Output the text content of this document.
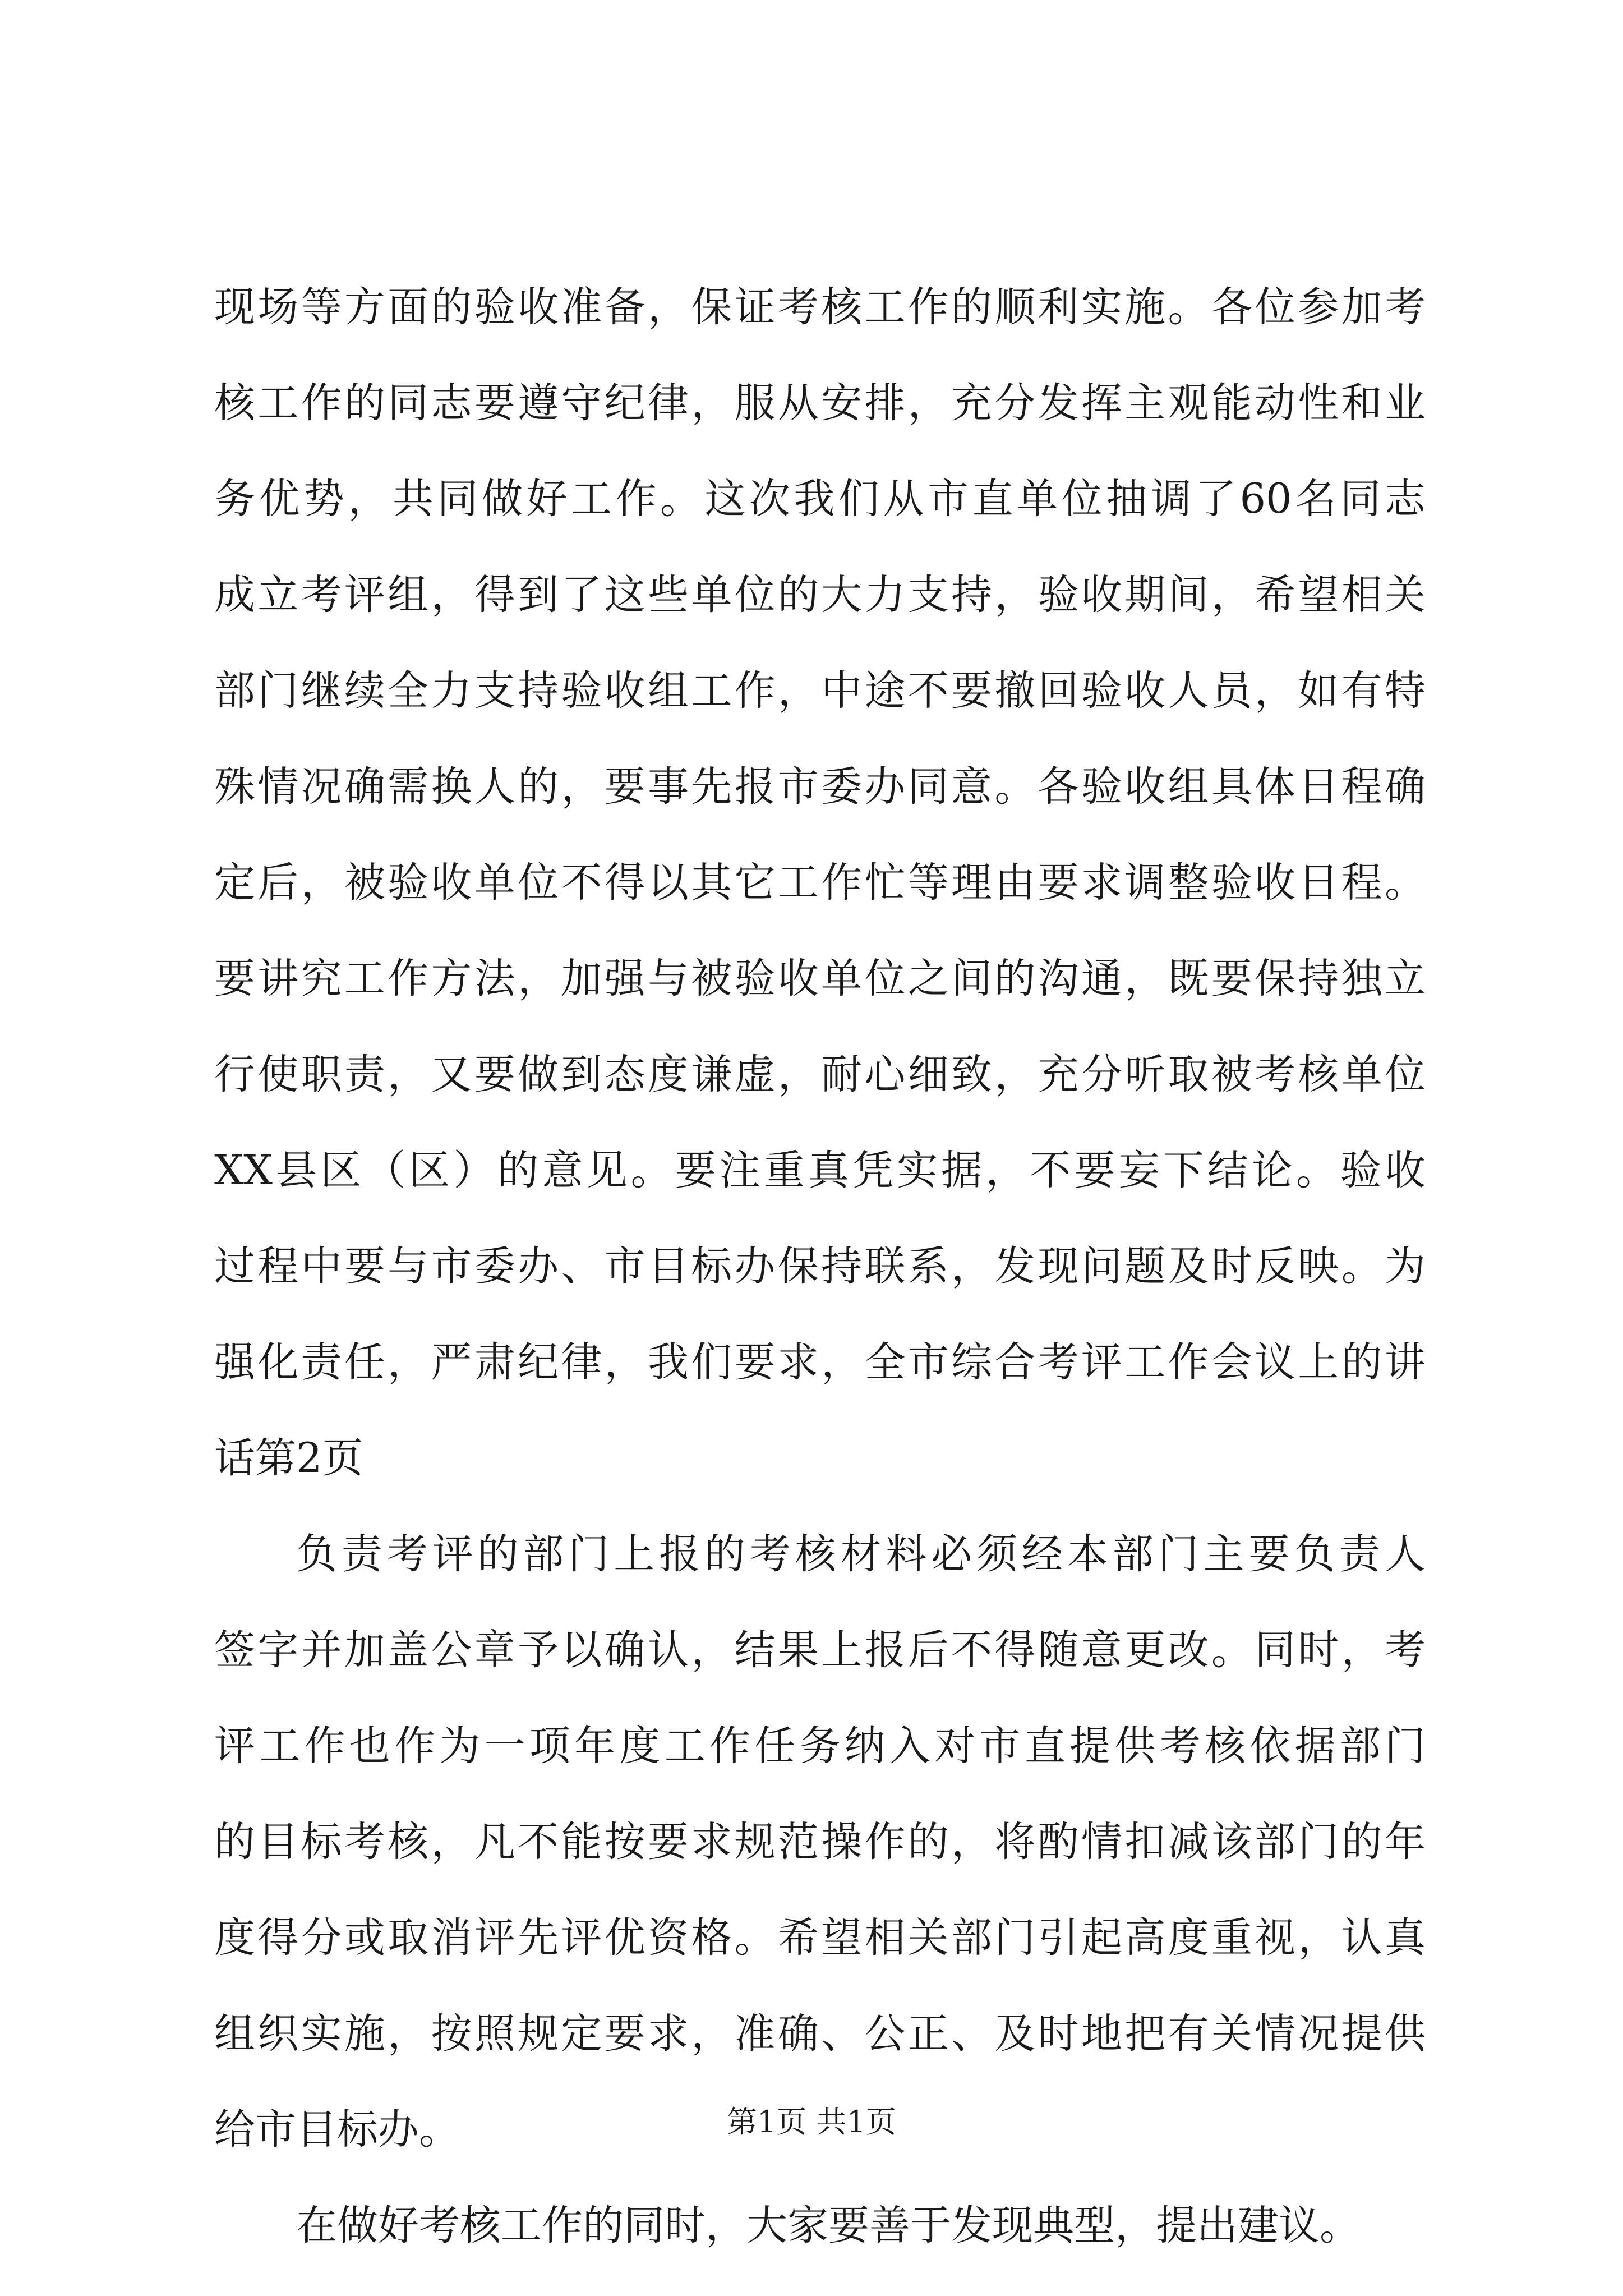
现场等方面的验收准备，保证考核工作的顺利实施。各位参加考
核工作的同志要遵守纪律，服从安排，充分发挥主观能动性和业
务优势，共同做好工作。这次我们从市直单位抽调了60名同志
成立考评组，得到了这些单位的大力支持，验收期间，希望相关
部门继续全力支持验收组工作，中途不要撤回验收人员，如有特
殊情况确需换人的，要事先报市委办同意。各验收组具体日程确
定后，被验收单位不得以其它工作忙等理由要求调整验收日程。
要讲究工作方法，加强与被验收单位之间的沟通，既要保持独立
行使职责，又要做到态度谦虚，耐心细致，充分听取被考核单位
XX县区（区）的意见。要注重真凭实据，不要妄下结论。验收
过程中要与市委办、市目标办保持联系，发现问题及时反映。为
强化责任，严肃纪律，我们要求，全市综合考评工作会议上的讲
话第2页
负责考评的部门上报的考核材料必须经本部门主要负责人
签字并加盖公章予以确认，结果上报后不得随意更改。同时，考
评工作也作为一项年度工作任务纳入对市直提供考核依据部门
的目标考核，凡不能按要求规范操作的，将酌情扣减该部门的年
度得分或取消评先评优资格。希望相关部门引起高度重视，认真
组织实施，按照规定要求，准确、公正、及时地把有关情况提供
给市目标办。
在做好考核工作的同时，大家要善于发现典型，提出建议。
第1页 共1页
